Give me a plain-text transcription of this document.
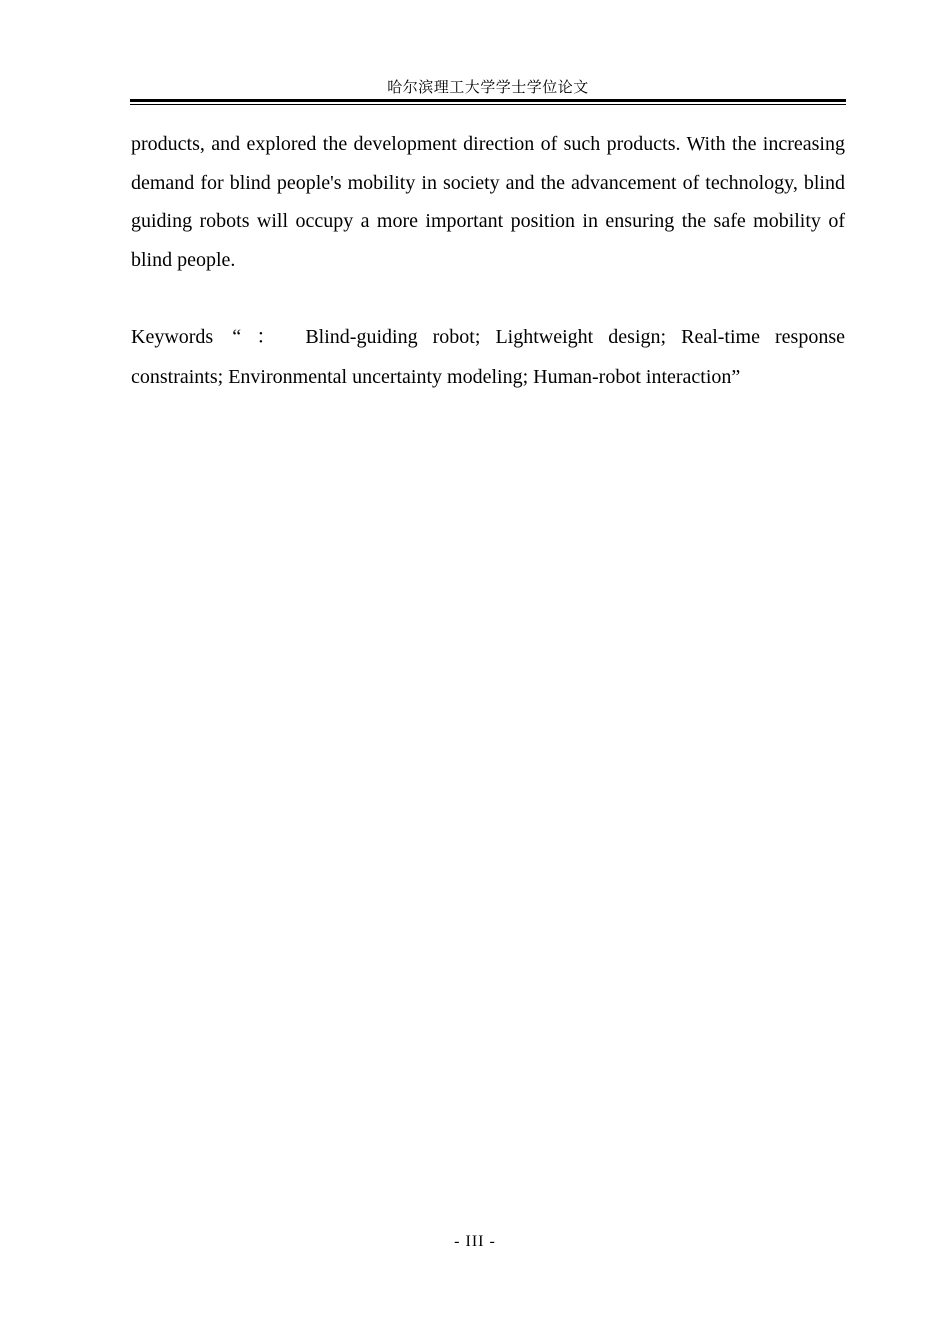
哈尔滨理工大学学士学位论文

products, and explored the development direction of such products. With the increasing demand for blind people's mobility in society and the advancement of technology, blind guiding robots will occupy a more important position in ensuring the safe mobility of blind people.

Keywords “ ： Blind-guiding robot; Lightweight design; Real-time response constraints; Environmental uncertainty modeling; Human-robot interaction”

- III -
